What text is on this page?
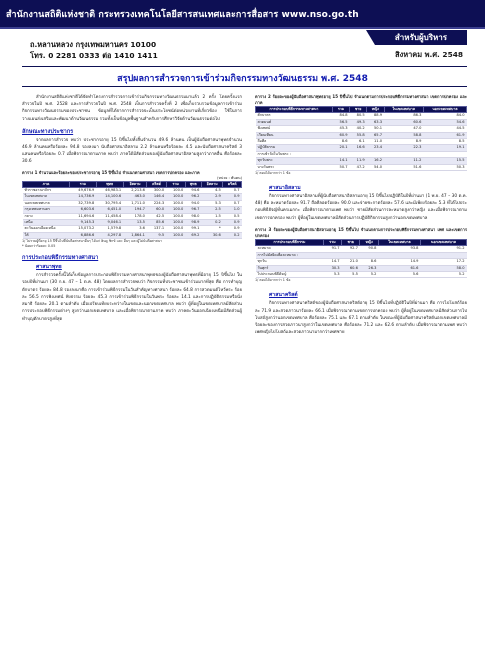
สำนักงานสถิติแห่งชาติ กระทรวงเทคโนโลยีสารสนเทศและการสื่อสาร www.nso.go.th
ถ.หลานหลวง กรุงเทพมหานคร 10100
โทร. 0 2281 0333 ต่อ 1410 1411
สำหรับผู้บริหาร
สิงหาคม พ.ศ. 2548
สรุปผลการสำรวจการเข้าร่วมกิจกรรมทางวัฒนธรรม พ.ศ. 2548

สำนักงานสถิติแห่งชาติได้จัดทำโครงการสำรวจการเข้าร่วมกิจกรรมทางวัฒนธรรมมาแล้ว 2 ครั้ง โดยครั้งแรกสำรวจในปี พ.ศ. 2528 และการสำรวจในปี พ.ศ. 2548 เป็นการสำรวจครั้งที่ 2 เพื่อเก็บรวบรวมข้อมูลการเข้าร่วมกิจกรรมทางวัฒนธรรมของประชาชน ข้อมูลที่ได้จากการสำรวจจะเป็นประโยชน์ต่อหน่วยงานที่เกี่ยวข้อง ใช้ในการวางแผนส่งเสริมและพัฒนาด้านวัฒนธรรม รวมทั้งเป็นข้อมูลพื้นฐานสำหรับการศึกษาวิจัยด้านวัฒนธรรมต่อไป

ลักษณะทางประชากร

จากผลการสำรวจ พบว่า ประชากรอายุ 15 ปีขึ้นไปทั้งสิ้นจำนวน 49.6 ล้านคน เป็นผู้นับถือศาสนาพุทธจำนวน 46.9 ล้านคนหรือร้อยละ 94.8 รองลงมา นับถือศาสนาอิสลาม 2.2 ล้านคนหรือร้อยละ 4.5 และนับถือศาสนาคริสต์ 3 แสนคนหรือร้อยละ 0.7 เมื่อพิจารณาตามภาค พบว่า ภาคใต้มีสัดส่วนของผู้นับถือศาสนาอิสลามสูงกว่าภาคอื่น คือร้อยละ 30.6

ตาราง 1 จำนวนและร้อยละของประชากรอายุ 15 ปีขึ้นไป จำแนกตามศาสนา เขตการปกครอง และภาค
(หน่วย : พันคน)
ภาค	รวม	พุทธ	อิสลาม	คริสต์	รวม	พุทธ	อิสลาม	คริสต์
ทั่วราชอาณาจักร	49,676.9	46,983.1	2,213.6	300.0	100.0	94.6	4.5	0.7
ในเขตเทศบาล	14,736.9	14,100.6	463.0	146.4	100.0	96.2	2.9	0.9
นอกเขตเทศบาล	32,739.8	30,795.4	1,711.0	224.3	100.0	94.0	5.3	0.7
กรุงเทพมหานคร	6,603.6	6,451.0	194.7	60.0	100.0	96.7	2.5	1.0
กลาง	11,694.6	11,458.4	178.0	42.5	100.0	98.0	1.5	0.5
เหนือ	9,145.3	9,046.1	13.5	85.6	100.0	98.9	0.2	0.9
ตะวันออกเฉียงเหนือ	15,073.2	1,579.8	3.6	137.1	100.0	99.1	*	0.9
ใต้	6,886.6	4,297.8	1,864.1	9.5	100.0	69.2	30.6	0.2
1/ ไม่รวมผู้ที่อายุ 15 ปีขึ้นไปที่นับถือศาสนาอื่นๆ ได้แก่ ฮินดู ซิกข์ และ อื่นๆ และผู้ไม่นับถือศาสนา
* น้อยกว่าร้อยละ 0.05
การประกอบพิธีกรรมทางศาสนา
ศาสนาพุทธ

การสำรวจครั้งนี้ได้เก็บข้อมูลการประกอบพิธีกรรมทางศาสนาพุทธของผู้นับถือศาสนาพุทธที่มีอายุ 15 ปีขึ้นไป ในรอบปีที่ผ่านมา (30 ก.ย. 47 – 1 ต.ค. 48) โดยผลการสำรวจพบว่า กิจกรรมที่ประชาชนเข้าร่วมมากที่สุด คือ การทำบุญตักบาตร ร้อยละ 84.8 รองลงมาคือ การเข้าร่วมพิธีกรรมในวันสำคัญทางศาสนา ร้อยละ 64.8 การสวดมนต์ไหว้พระ ร้อยละ 56.5 การฟังเทศน์ ฟังธรรม ร้อยละ 45.3 การเข้าร่วมพิธีกรรมในวันพระ ร้อยละ 14.1 และการปฏิบัติธรรมหรือนั่งสมาธิ ร้อยละ 20.1 ตามลำดับ เมื่อเปรียบเทียบระหว่างในเขตและนอกเขตเทศบาล พบว่า ผู้ที่อยู่ในเขตเทศบาลมีสัดส่วนการประกอบพิธีกรรมต่างๆ สูงกว่านอกเขตเทศบาล และเมื่อพิจารณาตามภาค พบว่า ภาคตะวันออกเฉียงเหนือมีสัดส่วนผู้ทำบุญตักบาตรสูงที่สุด

ตาราง 2 ร้อยละของผู้นับถือศาสนาพุทธอายุ 15 ปีขึ้นไป จำแนกตามการประกอบพิธีกรรมทางศาสนา เขตการปกครอง และภาค
การประกอบพิธีกรรมทางศาสนา	รวม	ชาย	หญิง	ในเขตเทศบาล	นอกเขตเทศบาล
ตักบาตร	84.8	80.5	88.9	86.3	84.0
สวดมนต์	56.5	49.3	63.3	60.6	54.6
ฟังเทศน์	45.3	40.2	50.1	47.0	44.5
เวียนเทียน	60.9	55.8	65.7	58.8	61.9
ถือศีล	8.6	6.1	11.0	8.9	8.5
ปฏิบัติธรรม	20.1	16.6	23.4	22.3	19.1
การเข้าวัดในวันพระ :					
ทุกวันพระ	14.1	11.9	16.2	11.2	15.5
บางวันพระ	50.7	47.2	54.0	51.6	50.3
1/ ตอบได้มากกว่า 1 ข้อ
ศาสนาอิสลาม

กิจกรรมทางศาสนาอิสลามที่ผู้นับถือศาสนาอิสลามอายุ 15 ปีขึ้นไปปฏิบัติในปีที่ผ่านมา (1 พ.ย. 47 – 30 ต.ค. 48) คือ ละหมาดร้อยละ 91.7 ถือศีลอดร้อยละ 90.0 และจ่ายซะกาตร้อยละ 57.6 และมีเพียงร้อยละ 5.3 ที่ได้ไปประกอบพิธีฮัจญ์ที่นครเมกกะ เมื่อพิจารณาตามเพศ พบว่า ชายมีสัดส่วนการละหมาดสูงกว่าหญิง และเมื่อพิจารณาตามเขตการปกครอง พบว่า ผู้ที่อยู่ในเขตเทศบาลมีสัดส่วนการปฏิบัติกิจกรรมสูงกว่านอกเขตเทศบาล

ตาราง 3 ร้อยละของผู้นับถือศาสนาอิสลามอายุ 15 ปีขึ้นไป จำแนกตามการประกอบพิธีกรรมทางศาสนา เพศ และเขตการปกครอง
การประกอบพิธีกรรม	รวม	ชาย	หญิง	ในเขตเทศบาล	นอกเขตเทศบาล
ละหมาด	91.7	92.7	90.8	93.8	91.2
การไปมัสยิดเพื่อละหมาด :					
ทุกวัน	14.7	21.0	8.6	14.9	17.2
วันศุกร์	30.3	60.6	26.3	61.6	58.0
ไปประกอบพิธีฮัจญ์	5.3	5.5	5.2	5.6	5.2
1/ ตอบได้มากกว่า 1 ข้อ
ศาสนาคริสต์

กิจกรรมทางศาสนาคริสต์ของผู้นับถือศาสนาคริสต์อายุ 15 ปีขึ้นไปที่ปฏิบัติในปีที่ผ่านมา คือ การไปโบสถ์ร้อยละ 71.9 และสวดภาวนาร้อยละ 66.1 เมื่อพิจารณาตามเขตการปกครอง พบว่า ผู้ที่อยู่ในเขตเทศบาลมีสัดส่วนการไปโบสถ์สูงกว่านอกเขตเทศบาล คือร้อยละ 75.1 และ 67.1 ตามลำดับ ในขณะที่ผู้นับถือศาสนาคริสต์นอกเขตเทศบาลมีร้อยละของการสวดภาวนาสูงกว่าในเขตเทศบาล คือร้อยละ 71.2 และ 62.6 ตามลำดับ เมื่อพิจารณาตามเพศ พบว่า เพศหญิงไปโบสถ์และสวดภาวนามากกว่าเพศชาย
